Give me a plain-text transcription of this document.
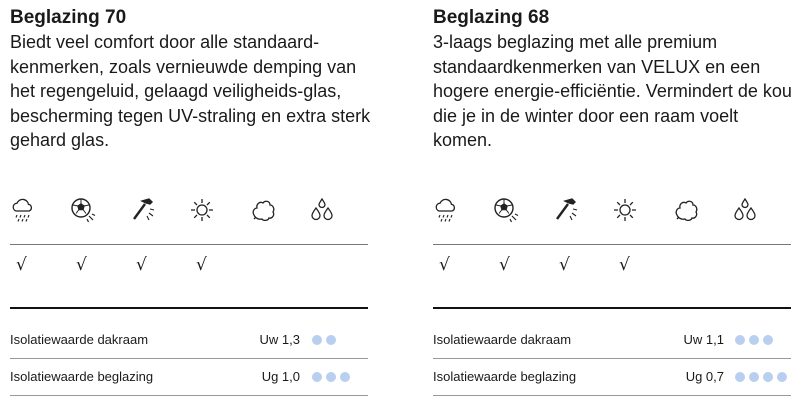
Beglazing 70

Biedt veel comfort door alle standaard-kenmerken, zoals vernieuwde demping van het regengeluid, gelaagd veiligheids-glas, bescherming tegen UV-straling en extra sterk gehard glas.

√	√	√	√
Isolatiewaarde dakraam	Uw 1,3
Isolatiewaarde beglazing	Ug 1,0
Beglazing 68

3-laags beglazing met alle premium standaardkenmerken van VELUX en een hogere energie-efficiëntie. Vermindert de kou die je in de winter door een raam voelt komen.

√	√	√	√
Isolatiewaarde dakraam	Uw 1,1
Isolatiewaarde beglazing	Ug 0,7
